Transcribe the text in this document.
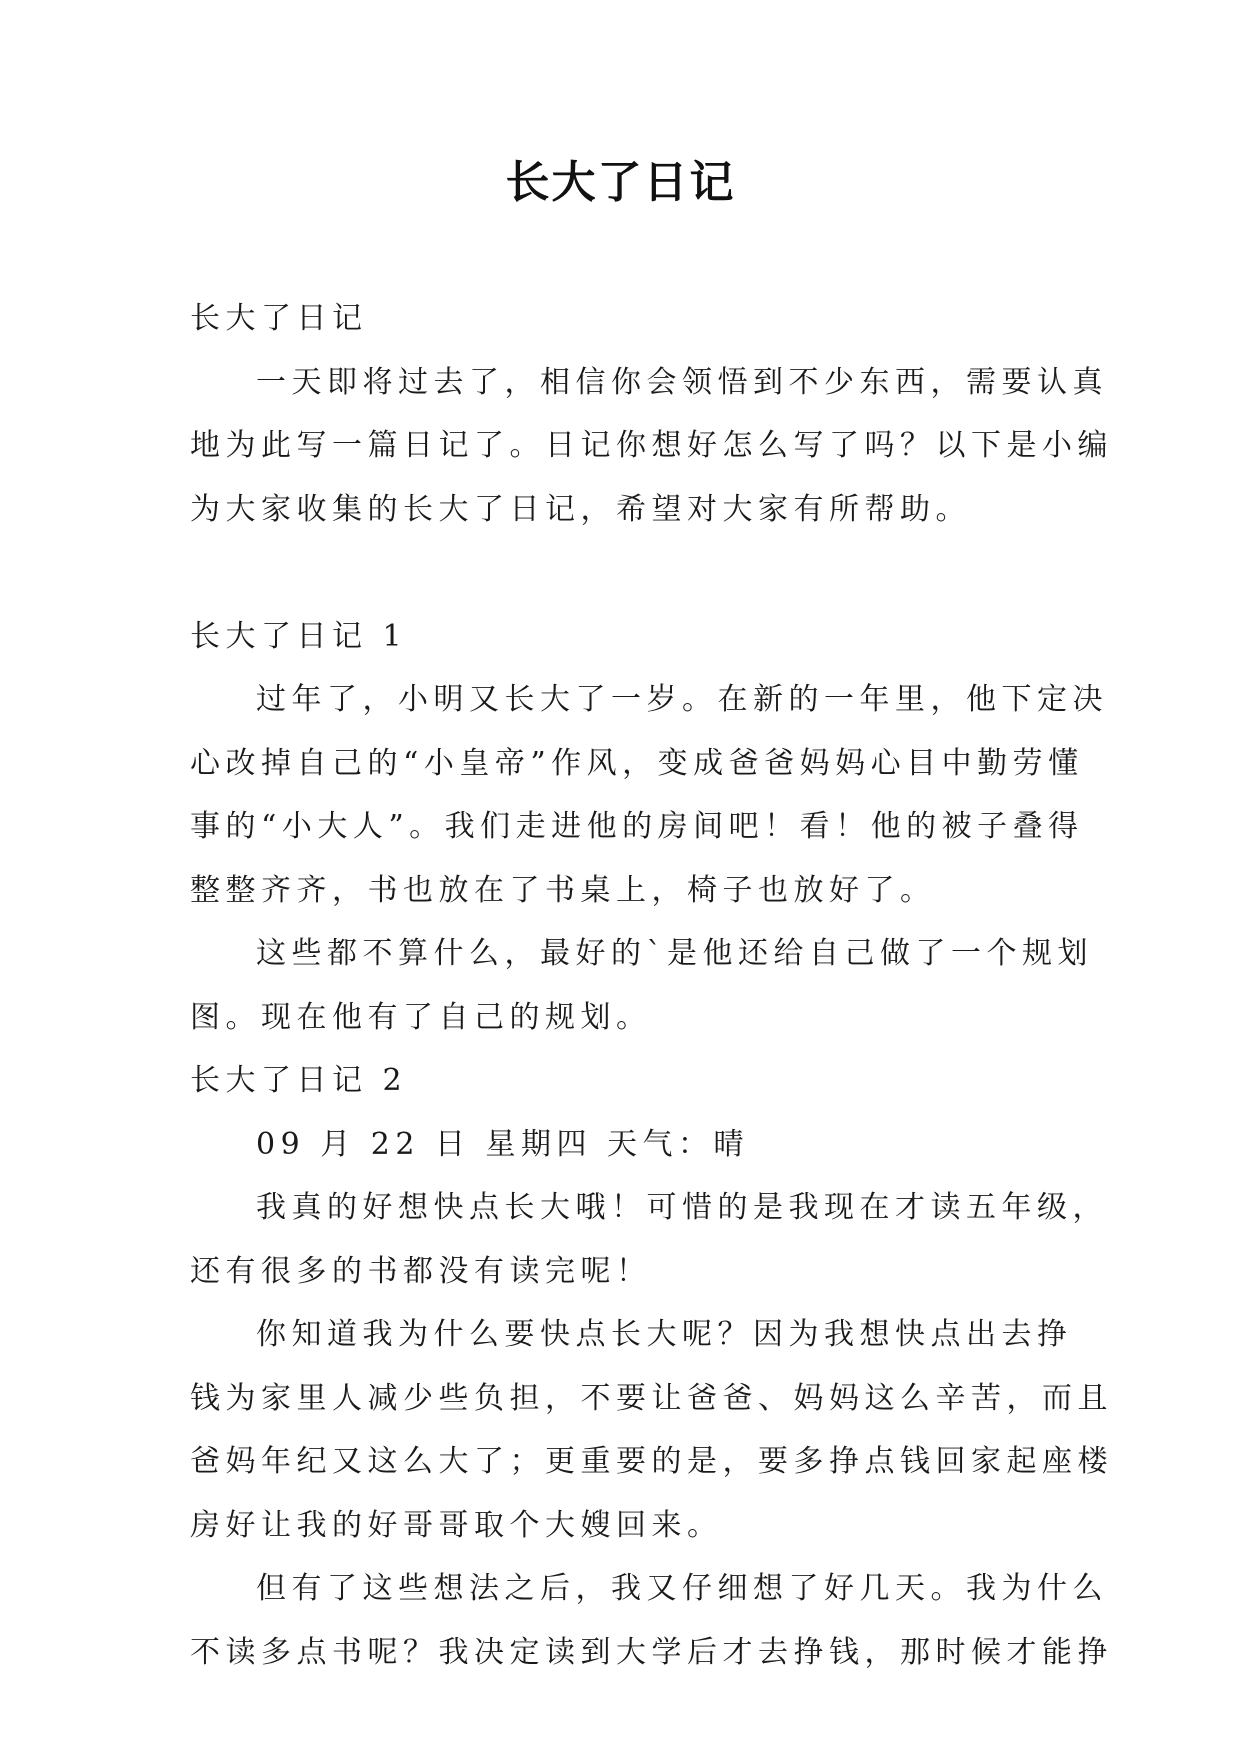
长大了日记

长大了日记

一天即将过去了，相信你会领悟到不少东西，需要认真

地为此写一篇日记了。日记你想好怎么写了吗？以下是小编

为大家收集的长大了日记，希望对大家有所帮助。

长大了日记 1

过年了，小明又长大了一岁。在新的一年里，他下定决

心改掉自己的“小皇帝”作风，变成爸爸妈妈心目中勤劳懂

事的“小大人”。我们走进他的房间吧！看！他的被子叠得

整整齐齐，书也放在了书桌上，椅子也放好了。

这些都不算什么，最好的`是他还给自己做了一个规划

图。现在他有了自己的规划。

长大了日记 2

09 月 22 日 星期四 天气：晴

我真的好想快点长大哦！可惜的是我现在才读五年级，

还有很多的书都没有读完呢！

你知道我为什么要快点长大呢？因为我想快点出去挣

钱为家里人减少些负担，不要让爸爸、妈妈这么辛苦，而且

爸妈年纪又这么大了；更重要的是，要多挣点钱回家起座楼

房好让我的好哥哥取个大嫂回来。

但有了这些想法之后，我又仔细想了好几天。我为什么

不读多点书呢？我决定读到大学后才去挣钱，那时候才能挣
